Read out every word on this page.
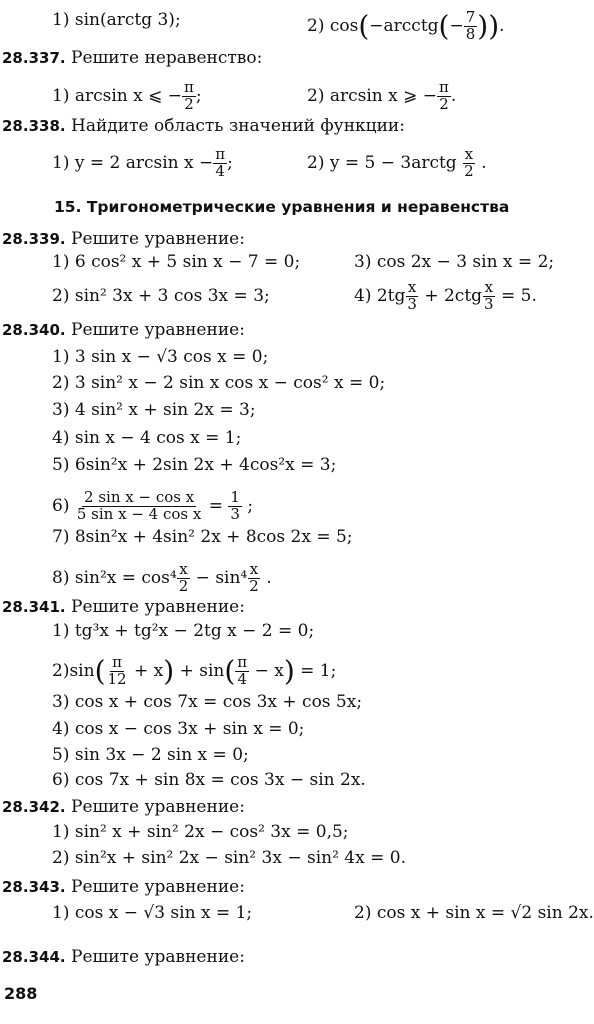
1) sin(arctg 3);	2) cos(−arcctg(− $\frac{7}{8}$ )).
28.337. Решите неравенство:
1) arcsin x ⩽ − $\frac{\pi}{2}$ ;	2) arcsin x ⩾ − $\frac{\pi}{2}$ .
28.338. Найдите область значений функции:
1) y = 2 $\arcsin x - \frac{\pi}{4}$ ;	2) y = 5 − 3arctg $\frac{x}{2}$ .
15. Тригонометрические уравнения и неравенства
28.339. Решите уравнение:
1) 6 cos² x + 5 sin x − 7 = 0;	3) cos 2x − 3 sin x = 2;
2) sin² 3x + 3 cos 3x = 3;	4) $2tg \frac{x}{3} + 2ctg \frac{x}{3} = 5$.
28.340. Решите уравнение:
1) 3 sin x − √3 cos x = 0;
2) 3 sin² x − 2 sin x cos x − cos² x = 0;
3) 4 sin² x + sin 2x = 3;
4) sin x − 4 cos x = 1;
5) 6sin²x + 2sin 2x + 4cos²x = 3;
$6) \frac{\text{2 sin x − cos x}}{\text{5 sin x − 4 cos x}} = \frac{1}{3}$ ;
7) 8sin²x + 4sin² 2x + 8cos 2x = 5;
8) $\sin^2x = \cos^4 \frac{x}{2} - \sin^4 \frac{x}{2}$ .
28.341. Решите уравнение:
1) tg³x + tg²x − 2tg x − 2 = 0;
$2)\sin( \frac{\pi}{12} + x) + \sin( \frac{\pi}{4} - x) = 1$;
3) cos x + cos 7x = cos 3x + cos 5x;
4) cos x − cos 3x + sin x = 0;
5) sin 3x − 2 sin x = 0;
6) cos 7x + sin 8x = cos 3x − sin 2x.
28.342. Решите уравнение:
1) sin² x + sin² 2x − cos² 3x = 0,5;
2) sin²x + sin² 2x − sin² 3x − sin² 4x = 0.
28.343. Решите уравнение:
1) cos x − √3 sin x = 1;	2) cos x + sin x = √2 sin 2x.
28.344. Решите уравнение:
288
